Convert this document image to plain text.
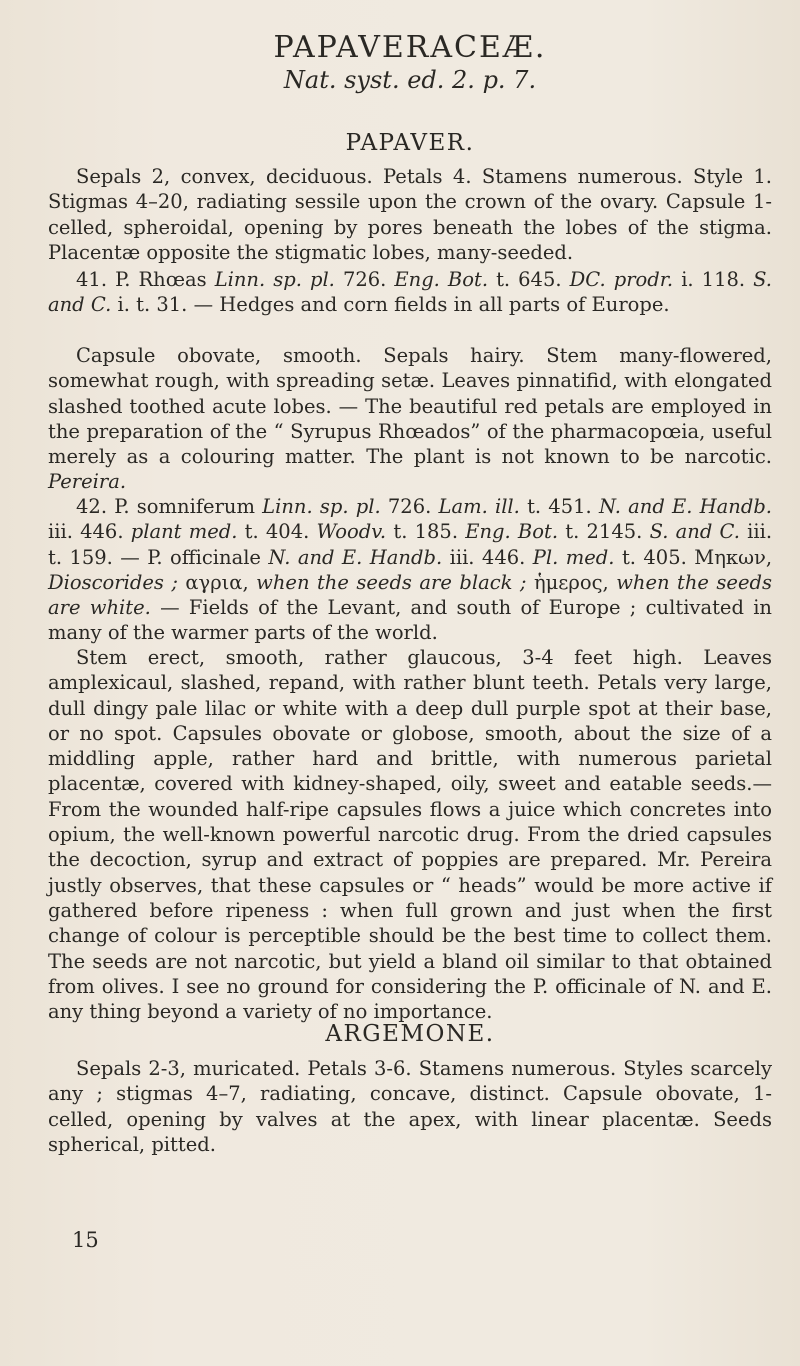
PAPAVERACEÆ.
Nat. syst. ed. 2. p. 7.
PAPAVER.

Sepals 2, convex, deciduous. Petals 4. Stamens numerous. Style 1. Stigmas 4–20, radiating sessile upon the crown of the ovary. Capsule 1-celled, spheroidal, opening by pores beneath the lobes of the stigma. Placentæ opposite the stigmatic lobes, many-seeded.

41. P. Rhœas Linn. sp. pl. 726. Eng. Bot. t. 645. DC. prodr. i. 118. S. and C. i. t. 31. — Hedges and corn fields in all parts of Europe.

Capsule obovate, smooth. Sepals hairy. Stem many-flowered, somewhat rough, with spreading setæ. Leaves pinnatifid, with elongated slashed toothed acute lobes. — The beautiful red petals are employed in the preparation of the “ Syrupus Rhœados” of the pharmacopœia, useful merely as a colouring matter. The plant is not known to be narcotic. Pereira.

42. P. somniferum Linn. sp. pl. 726. Lam. ill. t. 451. N. and E. Handb. iii. 446. plant med. t. 404. Woodv. t. 185. Eng. Bot. t. 2145. S. and C. iii. t. 159. — P. officinale N. and E. Handb. iii. 446. Pl. med. t. 405. Μηκων, Dioscorides ; αγρια, when the seeds are black ; ἡμερος, when the seeds are white. — Fields of the Levant, and south of Europe ; cultivated in many of the warmer parts of the world.

Stem erect, smooth, rather glaucous, 3-4 feet high. Leaves amplexicaul, slashed, repand, with rather blunt teeth. Petals very large, dull dingy pale lilac or white with a deep dull purple spot at their base, or no spot. Capsules obovate or globose, smooth, about the size of a middling apple, rather hard and brittle, with numerous parietal placentæ, covered with kidney-shaped, oily, sweet and eatable seeds.—From the wounded half-ripe capsules flows a juice which concretes into opium, the well-known powerful narcotic drug. From the dried capsules the decoction, syrup and extract of poppies are prepared. Mr. Pereira justly observes, that these capsules or “ heads” would be more active if gathered before ripeness : when full grown and just when the first change of colour is perceptible should be the best time to collect them. The seeds are not narcotic, but yield a bland oil similar to that obtained from olives. I see no ground for considering the P. officinale of N. and E. any thing beyond a variety of no importance.

ARGEMONE.

Sepals 2-3, muricated. Petals 3-6. Stamens numerous. Styles scarcely any ; stigmas 4–7, radiating, concave, distinct. Capsule obovate, 1-celled, opening by valves at the apex, with linear placentæ. Seeds spherical, pitted.

15
